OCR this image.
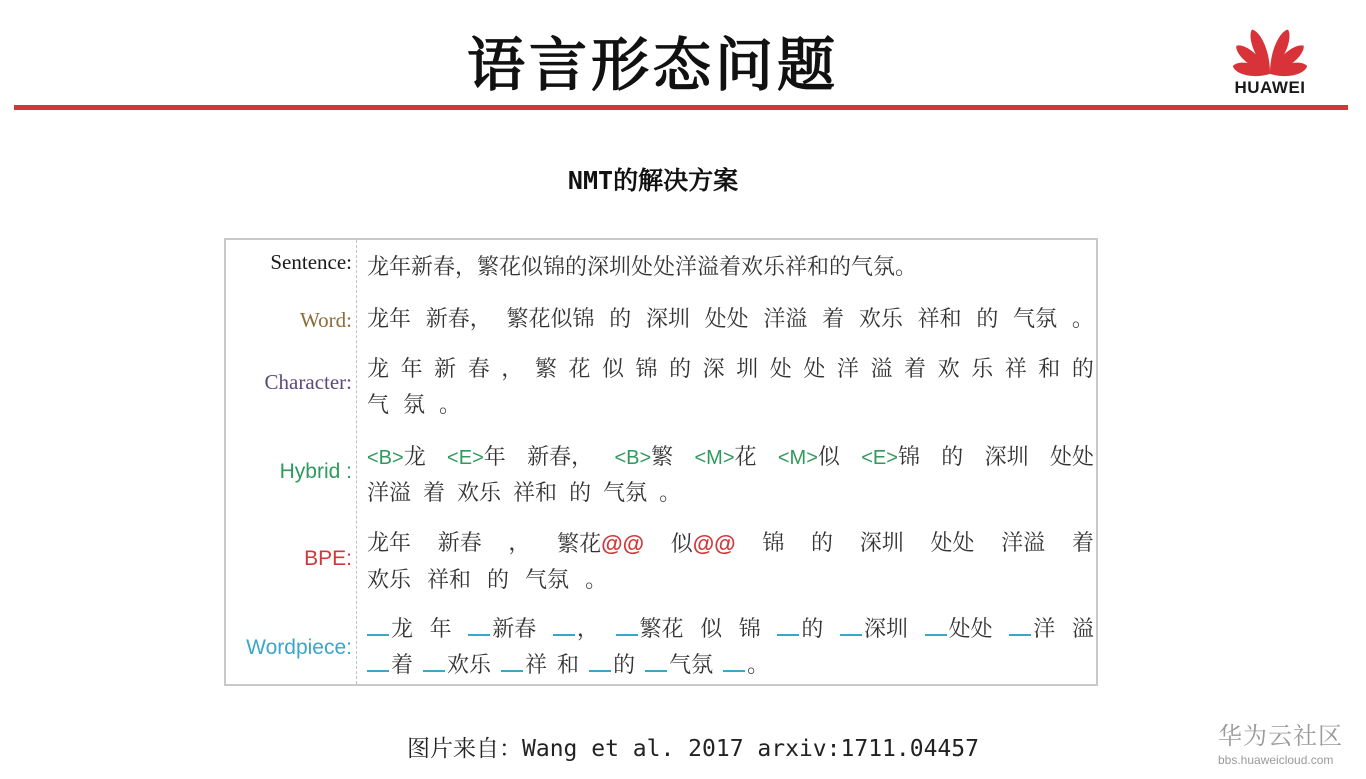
语言形态问题	HUAWEI
NMT的解决方案
Sentence: 龙年新春，繁花似锦的深圳处处洋溢着欢乐祥和的气氛。
Word: 龙年 新春， 繁花似锦 的 深圳 处处 洋溢 着 欢乐 祥和 的 气氛 。
Character: 龙 年 新 春 ， 繁 花 似 锦 的 深 圳 处 处 洋 溢 着 欢 乐 祥 和 的
气 氛 。
Hybrid :
<B>龙 <E>年 新春， <B>繁 <M>花 <M>似 <E>锦 的 深圳 处处
洋溢 着 欢乐 祥和 的 气氛 。
BPE:
龙年 新春 ， 繁花@@ 似@@ 锦 的 深圳 处处 洋溢 着
欢乐 祥和 的 气氛 。
Wordpiece:
龙 年	新春	，	繁花 似 锦	的	深圳	处处	洋 溢
着	欢乐	祥 和	的	气氛	。
图片来自：Wang et al. 2017 arxiv:1711.04457	华为云社区
bbs.huaweicloud.com
